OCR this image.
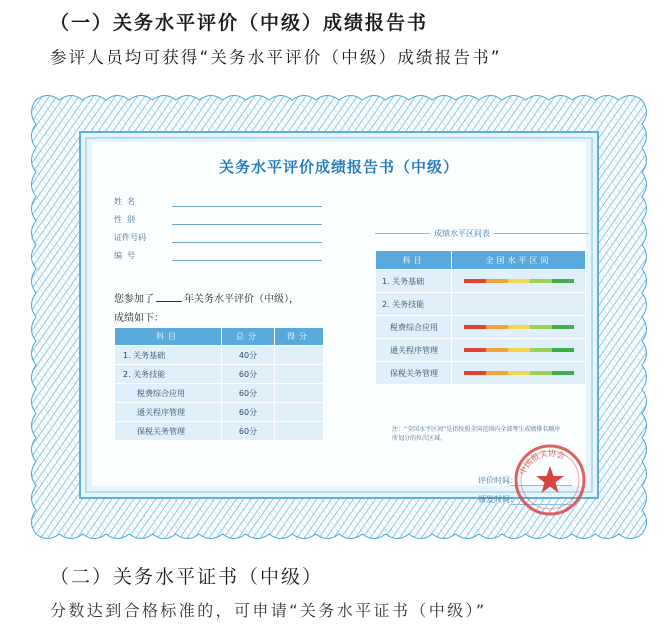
（一）关务水平评价（中级）成绩报告书
参评人员均可获得“关务水平评价（中级）成绩报告书”
关务水平评价成绩报告书（中级）
姓名
性别
证件号码
编号
您参加了	年关务水平评价（中级），
成绩如下：
科目	总分	得分
1. 关务基础	40分	
2. 关务技能	60分	
税费综合应用	60分	
通关程序管理	60分	
保税关务管理	60分	
成绩水平区间表
科目	全国水平区间
1. 关务基础	

2. 关务技能	
税费综合应用	

通关程序管理	

保税关务管理	
注：“全国水平区间”是指按照全国范围内全部考生成绩排名顺序所划分的位次区域。
评价时间：
颁发时间：
中国报关协会
（二）关务水平证书（中级）
分数达到合格标准的，可申请“关务水平证书（中级）”
